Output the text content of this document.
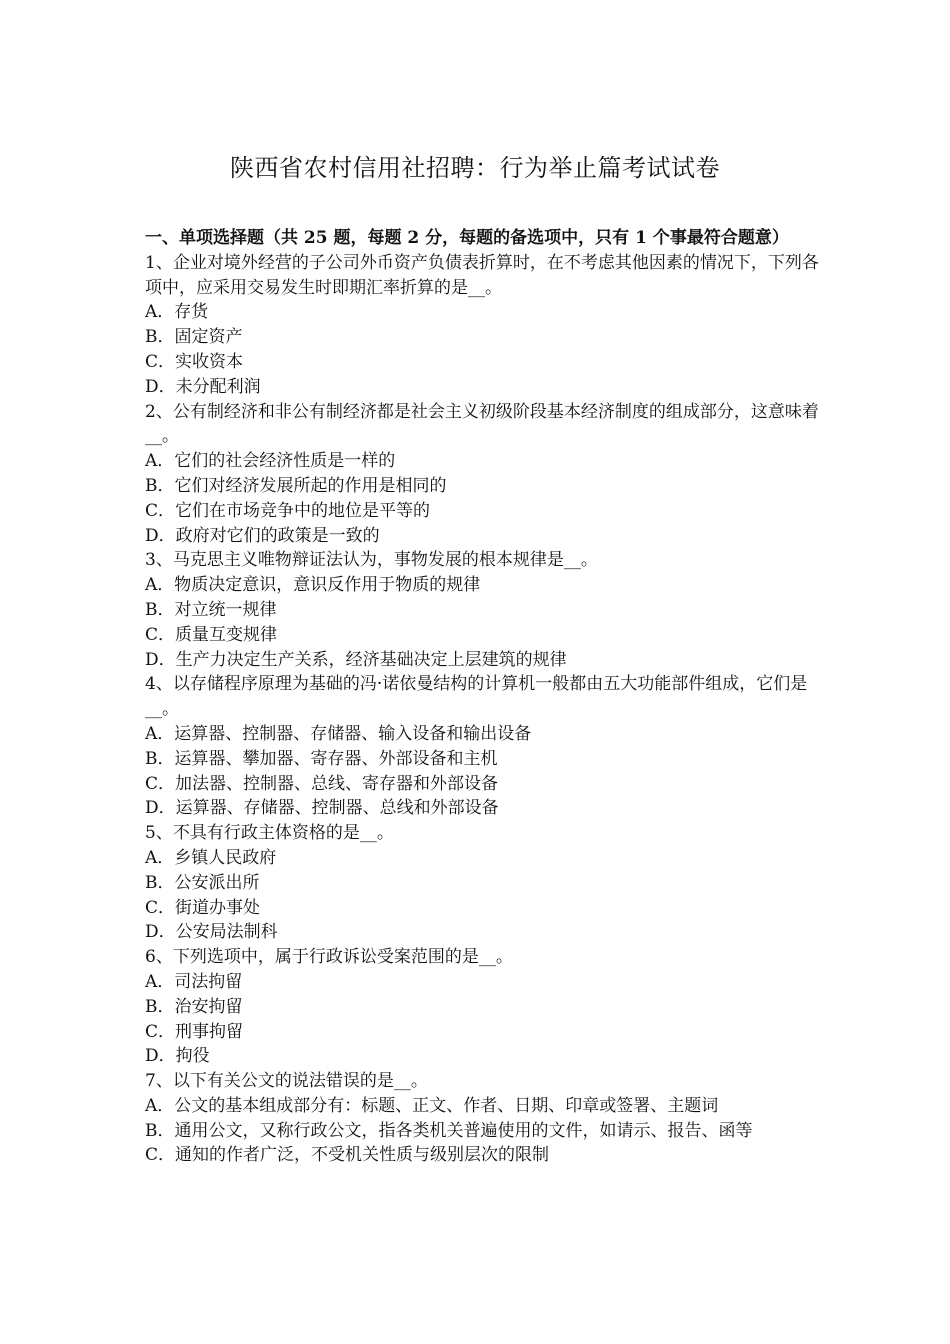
陕西省农村信用社招聘：行为举止篇考试试卷

一、单项选择题（共 25 题，每题 2 分，每题的备选项中，只有 1 个事最符合题意）

1、企业对境外经营的子公司外币资产负债表折算时，在不考虑其他因素的情况下，下列各项中，应采用交易发生时即期汇率折算的是__。

A．存货

B．固定资产

C．实收资本

D．未分配利润

2、公有制经济和非公有制经济都是社会主义初级阶段基本经济制度的组成部分，这意味着__。

A．它们的社会经济性质是一样的

B．它们对经济发展所起的作用是相同的

C．它们在市场竞争中的地位是平等的

D．政府对它们的政策是一致的

3、马克思主义唯物辩证法认为，事物发展的根本规律是__。

A．物质决定意识，意识反作用于物质的规律

B．对立统一规律

C．质量互变规律

D．生产力决定生产关系，经济基础决定上层建筑的规律

4、以存储程序原理为基础的冯·诺依曼结构的计算机一般都由五大功能部件组成，它们是__。

A．运算器、控制器、存储器、输入设备和输出设备

B．运算器、攀加器、寄存器、外部设备和主机

C．加法器、控制器、总线、寄存器和外部设备

D．运算器、存储器、控制器、总线和外部设备

5、不具有行政主体资格的是__。

A．乡镇人民政府

B．公安派出所

C．街道办事处

D．公安局法制科

6、下列选项中，属于行政诉讼受案范围的是__。

A．司法拘留

B．治安拘留

C．刑事拘留

D．拘役

7、以下有关公文的说法错误的是__。

A．公文的基本组成部分有：标题、正文、作者、日期、印章或签署、主题词

B．通用公文，又称行政公文，指各类机关普遍使用的文件，如请示、报告、函等

C．通知的作者广泛，不受机关性质与级别层次的限制
